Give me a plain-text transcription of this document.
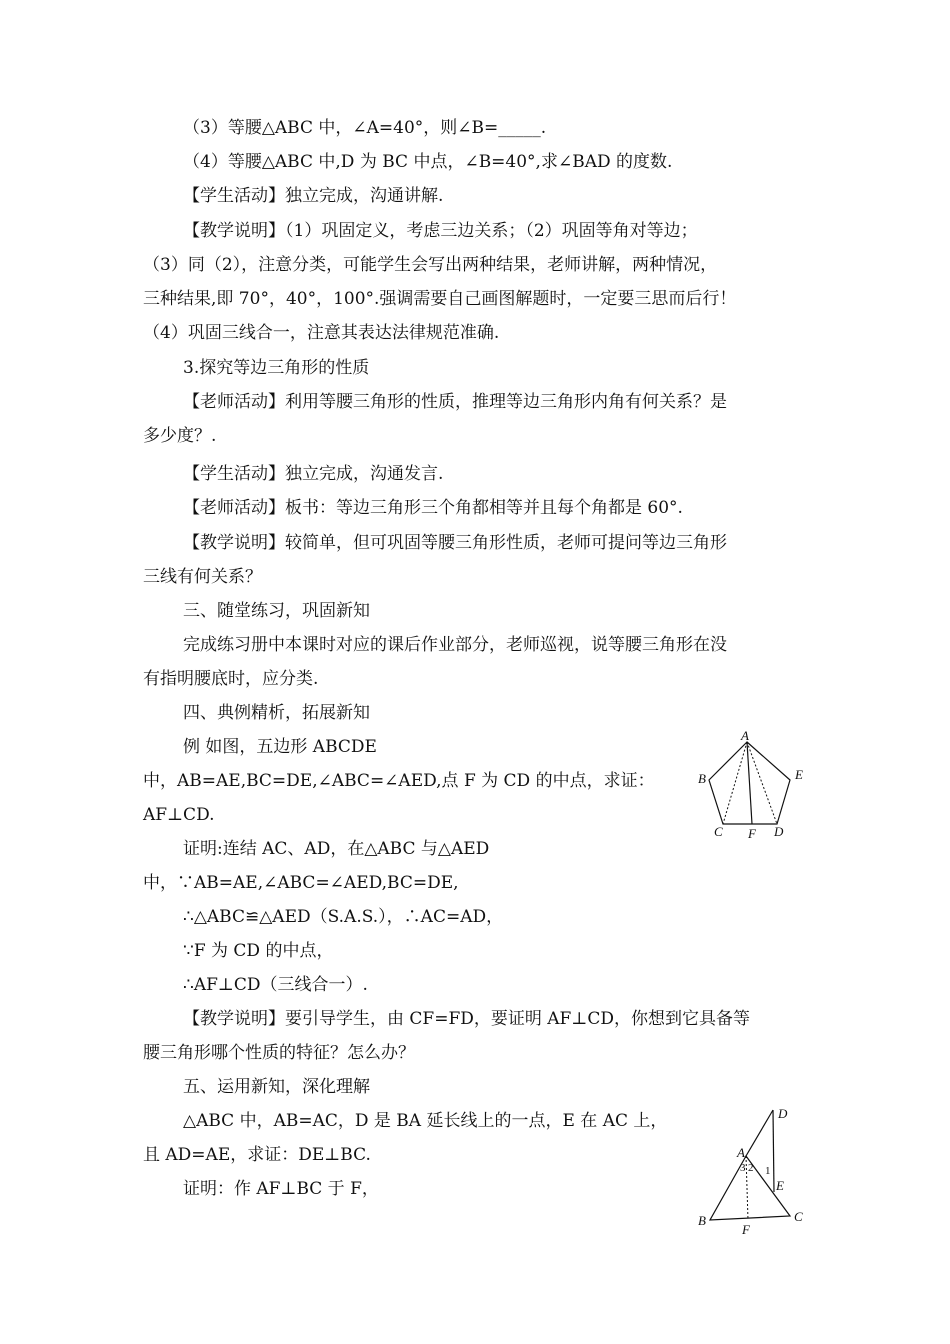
（3）等腰△ABC 中，∠A=40°，则∠B=_____.
（4）等腰△ABC 中,D 为 BC 中点，∠B=40°,求∠BAD 的度数.
【学生活动】独立完成，沟通讲解.
【教学说明】（1）巩固定义，考虑三边关系；（2）巩固等角对等边；
（3）同（2），注意分类，可能学生会写出两种结果，老师讲解，两种情况，
三种结果,即 70°，40°，100°.强调需要自己画图解题时，一定要三思而后行！
（4）巩固三线合一，注意其表达法律规范准确.
3.探究等边三角形的性质
【老师活动】利用等腰三角形的性质，推理等边三角形内角有何关系？是
多少度？.
【学生活动】独立完成，沟通发言.
【老师活动】板书：等边三角形三个角都相等并且每个角都是 60°.
【教学说明】较简单，但可巩固等腰三角形性质，老师可提问等边三角形
三线有何关系？
三、随堂练习，巩固新知
完成练习册中本课时对应的课后作业部分，老师巡视，说等腰三角形在没
有指明腰底时，应分类.
四、典例精析，拓展新知
例 如图，五边形 ABCDE
中，AB=AE,BC=DE,∠ABC=∠AED,点 F 为 CD 的中点，求证：
AF⊥CD.
证明:连结 AC、AD，在△ABC 与△AED
中，∵AB=AE,∠ABC=∠AED,BC=DE,
∴△ABC≌△AED（S.A.S.），∴AC=AD，
∵F 为 CD 的中点，
∴AF⊥CD（三线合一）.
【教学说明】要引导学生，由 CF=FD，要证明 AF⊥CD，你想到它具备等
腰三角形哪个性质的特征？怎么办？
五、运用新知，深化理解
△ABC 中，AB=AC，D 是 BA 延长线上的一点，E 在 AC 上，
且 AD=AE，求证：DE⊥BC.
证明：作 AF⊥BC 于 F，
A
B	E
C F D
D
A
3 2 1
E
B
F
C
